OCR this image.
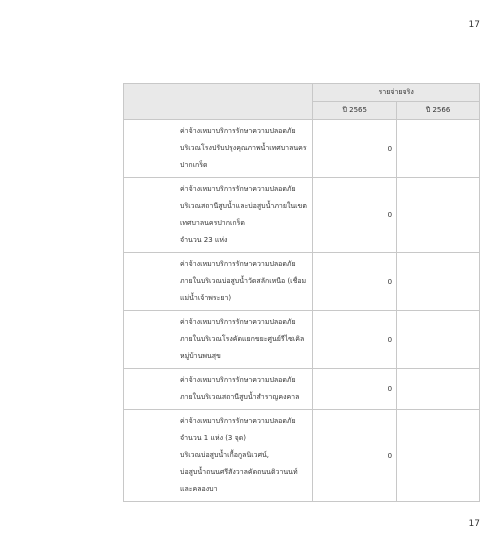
17
	รายจ่ายจริง	
	ปี 2565	ปี 2566

ค่าจ้างเหมาบริการรักษาความปลอดภัย
บริเวณโรงปรับปรุงคุณภาพน้ำเทศบาลนคร
ปากเกร็ด	0	

ค่าจ้างเหมาบริการรักษาความปลอดภัย
บริเวณสถานีสูบน้ำและบ่อสูบน้ำภายในเขต
เทศบาลนครปากเกร็ด
จำนวน 23 แห่ง	0	

ค่าจ้างเหมาบริการรักษาความปลอดภัย
ภายในบริเวณบ่อสูบน้ำวัดสลักเหนือ (เชื่อม
แม่น้ำเจ้าพระยา)	0	

ค่าจ้างเหมาบริการรักษาความปลอดภัย
ภายในบริเวณโรงคัดแยกขยะศูนย์รีไซเคิล
หมู่บ้านพนสุข	0	

ค่าจ้างเหมาบริการรักษาความปลอดภัย
ภายในบริเวณสถานีสูบน้ำสำราญคงคาล	0	

ค่าจ้างเหมาบริการรักษาความปลอดภัย
จำนวน 1 แห่ง (3 จุด)
บริเวณบ่อสูบน้ำเกื้อกูลนิเวศน์,
บ่อสูบน้ำถนนศรีสังวาลคัดถนนติวานนท์
และคลองบา	0	
17
